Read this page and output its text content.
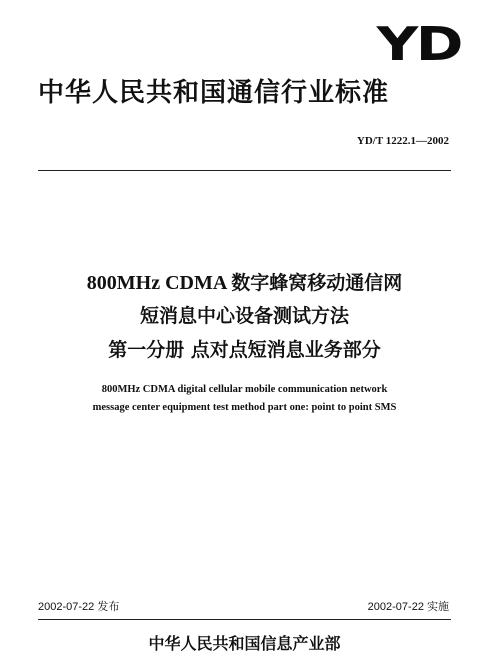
YD
中华人民共和国通信行业标准
YD/T 1222.1—2002
800MHz CDMA 数字蜂窝移动通信网
短消息中心设备测试方法
第一分册 点对点短消息业务部分
800MHz CDMA digital cellular mobile communication network
message center equipment test method part one: point to point SMS
2002-07-22 发布	2002-07-22 实施
中华人民共和国信息产业部
